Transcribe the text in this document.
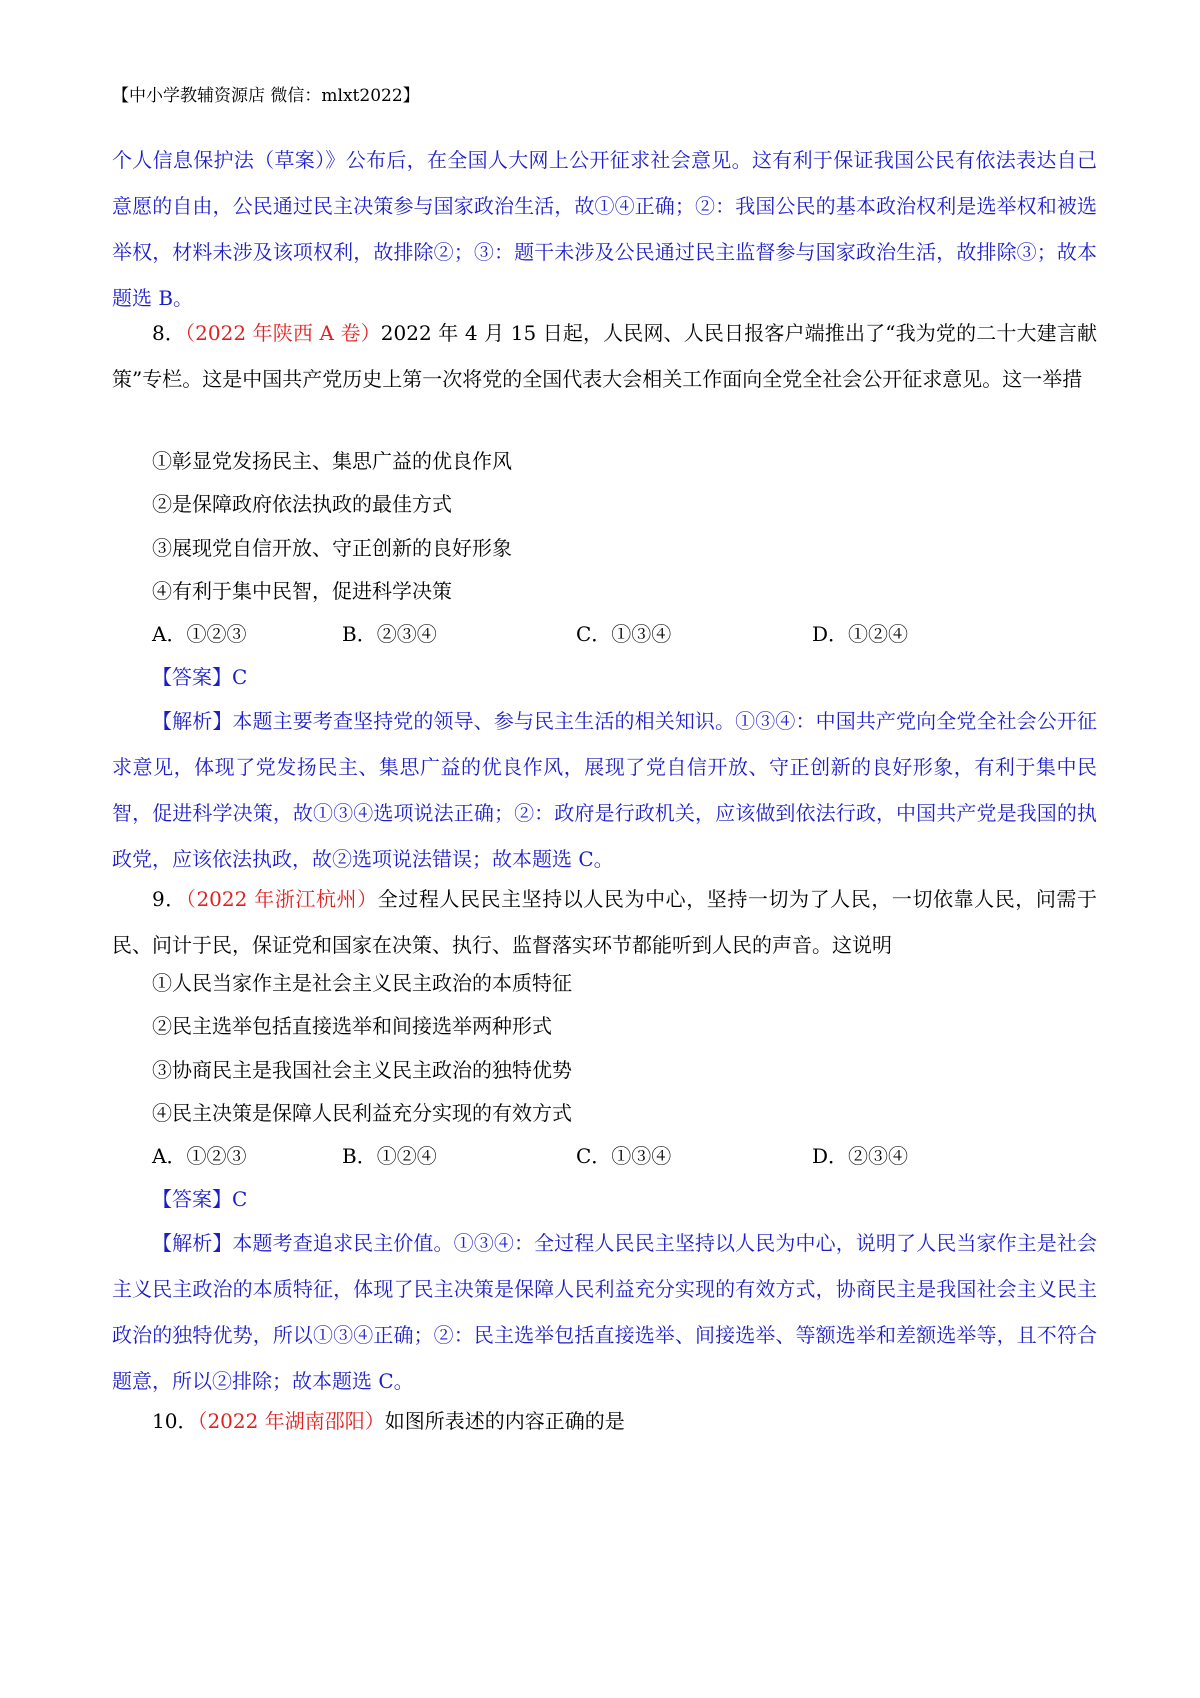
【中小学教辅资源店 微信：mlxt2022】
个人信息保护法（草案）》公布后，在全国人大网上公开征求社会意见。这有利于保证我国公民有依法表达自己意愿的自由，公民通过民主决策参与国家政治生活，故①④正确；②：我国公民的基本政治权利是选举权和被选举权，材料未涉及该项权利，故排除②；③：题干未涉及公民通过民主监督参与国家政治生活，故排除③；故本题选 B。
8．（2022 年陕西 A 卷）2022 年 4 月 15 日起，人民网、人民日报客户端推出了“我为党的二十大建言献策”专栏。这是中国共产党历史上第一次将党的全国代表大会相关工作面向全党全社会公开征求意见。这一举措
①彰显党发扬民主、集思广益的优良作风
②是保障政府依法执政的最佳方式
③展现党自信开放、守正创新的良好形象
④有利于集中民智，促进科学决策
A．①②③	B．②③④	C．①③④	D．①②④
【答案】C
【解析】本题主要考查坚持党的领导、参与民主生活的相关知识。①③④：中国共产党向全党全社会公开征求意见，体现了党发扬民主、集思广益的优良作风，展现了党自信开放、守正创新的良好形象，有利于集中民智，促进科学决策，故①③④选项说法正确；②：政府是行政机关，应该做到依法行政，中国共产党是我国的执政党，应该依法执政，故②选项说法错误；故本题选 C。
9．（2022 年浙江杭州）全过程人民民主坚持以人民为中心，坚持一切为了人民，一切依靠人民，问需于民、问计于民，保证党和国家在决策、执行、监督落实环节都能听到人民的声音。这说明
①人民当家作主是社会主义民主政治的本质特征
②民主选举包括直接选举和间接选举两种形式
③协商民主是我国社会主义民主政治的独特优势
④民主决策是保障人民利益充分实现的有效方式
A．①②③	B．①②④	C．①③④	D．②③④
【答案】C
【解析】本题考查追求民主价值。①③④：全过程人民民主坚持以人民为中心，说明了人民当家作主是社会主义民主政治的本质特征，体现了民主决策是保障人民利益充分实现的有效方式，协商民主是我国社会主义民主政治的独特优势，所以①③④正确；②：民主选举包括直接选举、间接选举、等额选举和差额选举等，且不符合题意，所以②排除；故本题选 C。
10．（2022 年湖南邵阳）如图所表述的内容正确的是
